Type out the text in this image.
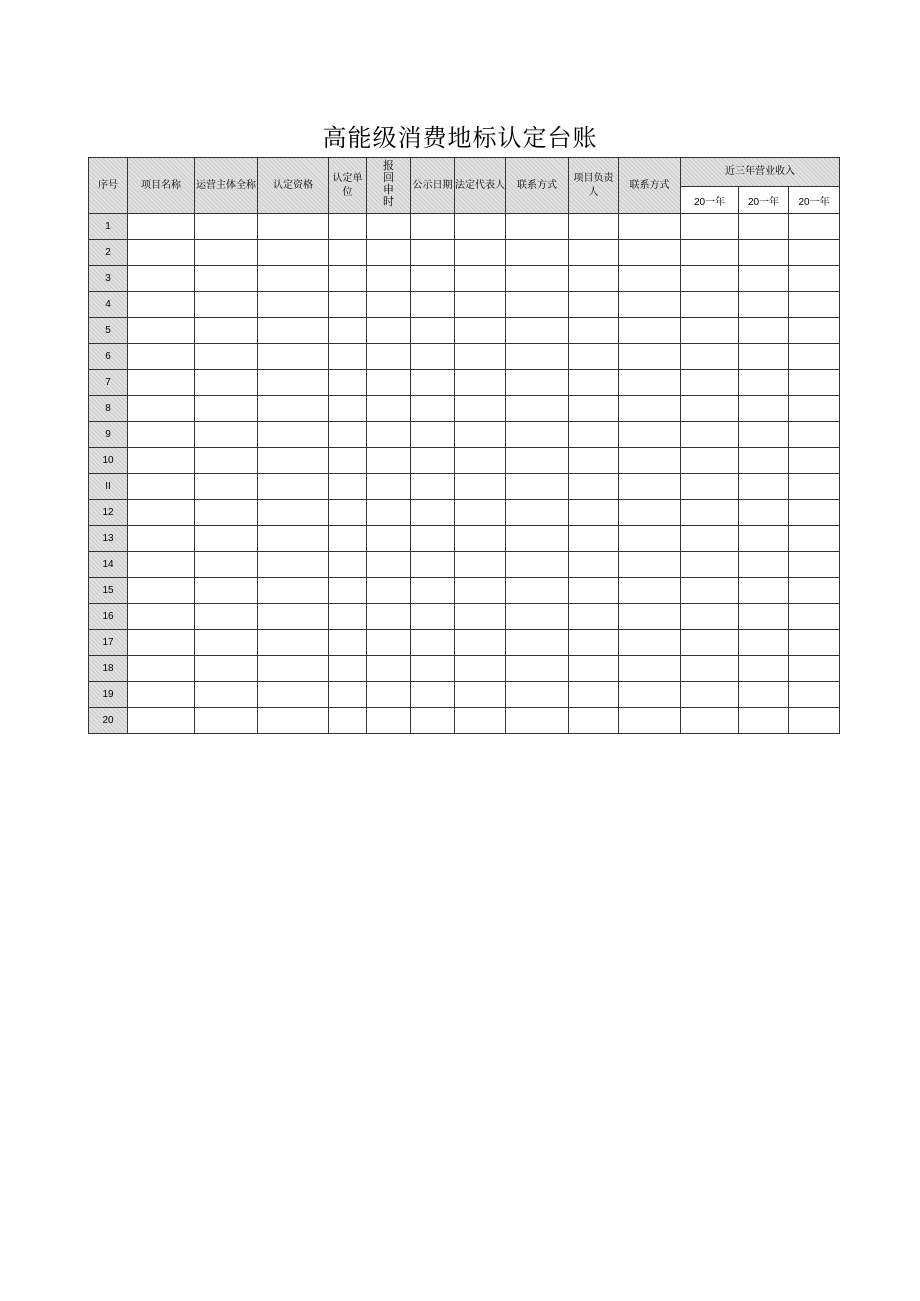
高能级消费地标认定台账
序号	项目名称	运营主体全称	认定资格	认定单位	报回申时	公示日期	法定代表人	联系方式	项目负责人	联系方式	近三年营业收入		
											20一年	20一年	20一年
1													
2													
3													
4													
5													
6													
7													
8													
9													
10													
II													
12													
13													
14													
15													
16													
17													
18													
19													
20													
